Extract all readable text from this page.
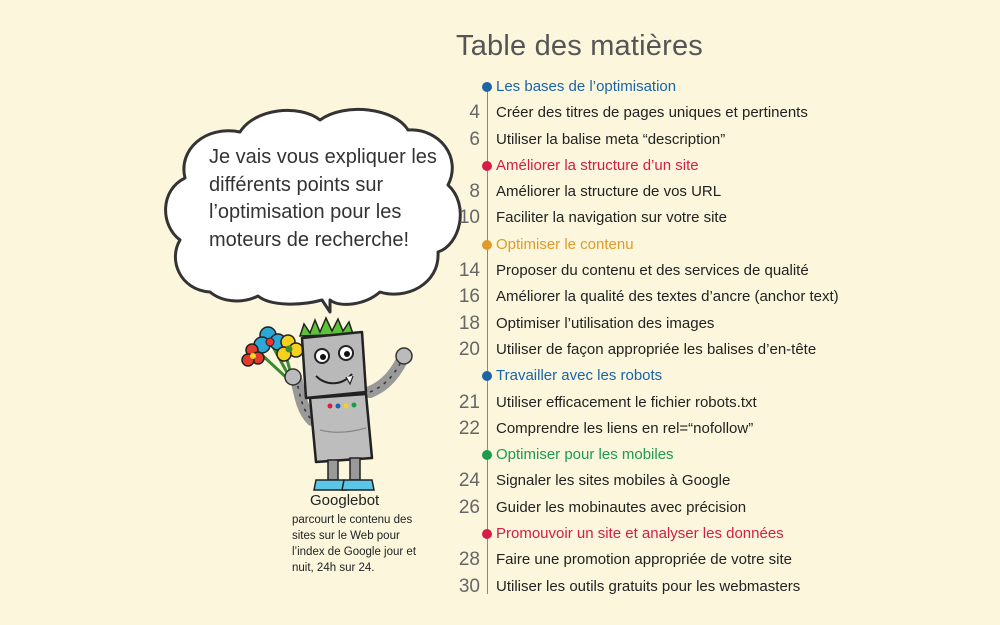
Je vais vous expliquer les différents points sur l’optimisation pour les moteurs de recherche!
Googlebot
parcourt le contenu des sites sur le Web pour l’index de Google jour et nuit, 24h sur 24.
Table des matières
Les bases de l’optimisation
4 Créer des titres de pages uniques et pertinents
6 Utiliser la balise meta “description”
Améliorer la structure d’un site
8 Améliorer la structure de vos URL
10 Faciliter la navigation sur votre site
Optimiser le contenu
14 Proposer du contenu et des services de qualité
16 Améliorer la qualité des textes d’ancre (anchor text)
18 Optimiser l’utilisation des images
20 Utiliser de façon appropriée les balises d’en-tête
Travailler avec les robots
21 Utiliser efficacement le fichier robots.txt
22 Comprendre les liens en rel=“nofollow”
Optimiser pour les mobiles
24 Signaler les sites mobiles à Google
26 Guider les mobinautes avec précision
Promouvoir un site et analyser les données
28 Faire une promotion appropriée de votre site
30 Utiliser les outils gratuits pour les webmasters
